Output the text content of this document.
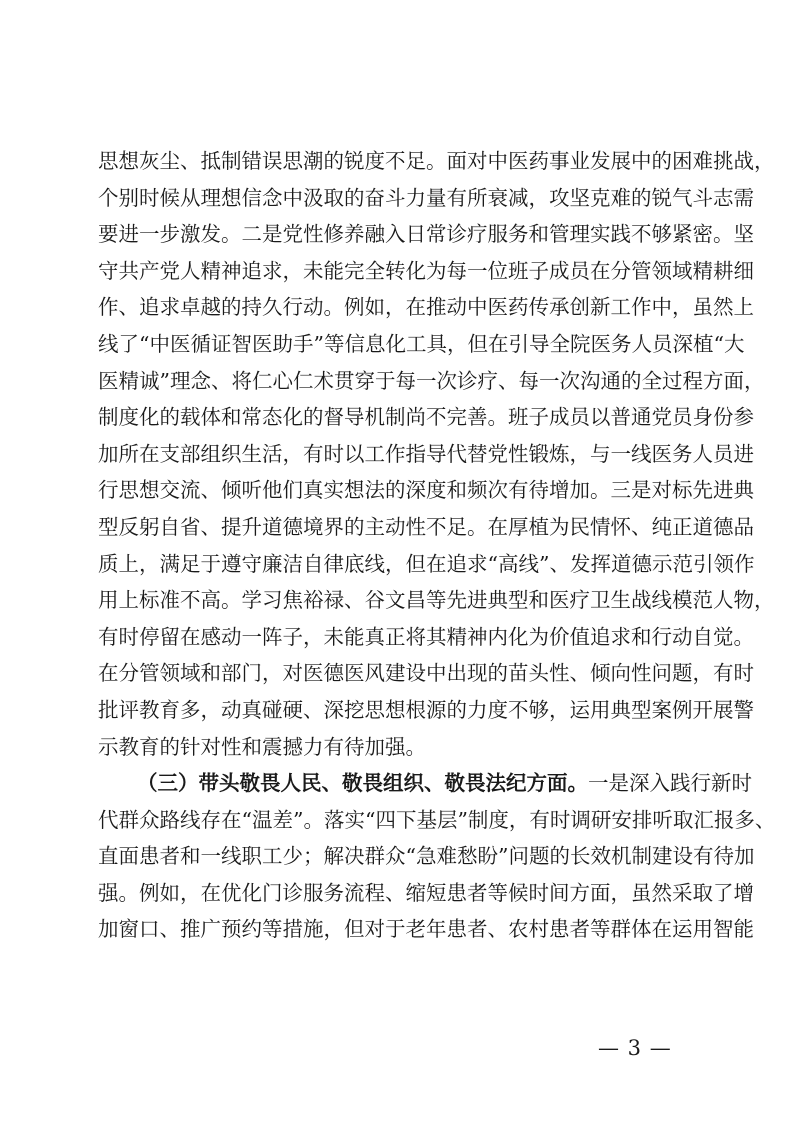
思想灰尘、抵制错误思潮的锐度不足。面对中医药事业发展中的困难挑战，
个别时候从理想信念中汲取的奋斗力量有所衰减，攻坚克难的锐气斗志需
要进一步激发。二是党性修养融入日常诊疗服务和管理实践不够紧密。坚
守共产党人精神追求，未能完全转化为每一位班子成员在分管领域精耕细
作、追求卓越的持久行动。例如，在推动中医药传承创新工作中，虽然上
线了“中医循证智医助手”等信息化工具，但在引导全院医务人员深植“大
医精诚”理念、将仁心仁术贯穿于每一次诊疗、每一次沟通的全过程方面，
制度化的载体和常态化的督导机制尚不完善。班子成员以普通党员身份参
加所在支部组织生活，有时以工作指导代替党性锻炼，与一线医务人员进
行思想交流、倾听他们真实想法的深度和频次有待增加。三是对标先进典
型反躬自省、提升道德境界的主动性不足。在厚植为民情怀、纯正道德品
质上，满足于遵守廉洁自律底线，但在追求“高线”、发挥道德示范引领作
用上标准不高。学习焦裕禄、谷文昌等先进典型和医疗卫生战线模范人物，
有时停留在感动一阵子，未能真正将其精神内化为价值追求和行动自觉。
在分管领域和部门，对医德医风建设中出现的苗头性、倾向性问题，有时
批评教育多，动真碰硬、深挖思想根源的力度不够，运用典型案例开展警
示教育的针对性和震撼力有待加强。
（三）带头敬畏人民、敬畏组织、敬畏法纪方面。一是深入践行新时
代群众路线存在“温差”。落实“四下基层”制度，有时调研安排听取汇报多、
直面患者和一线职工少；解决群众“急难愁盼”问题的长效机制建设有待加
强。例如，在优化门诊服务流程、缩短患者等候时间方面，虽然采取了增
加窗口、推广预约等措施，但对于老年患者、农村患者等群体在运用智能
— 3 —
